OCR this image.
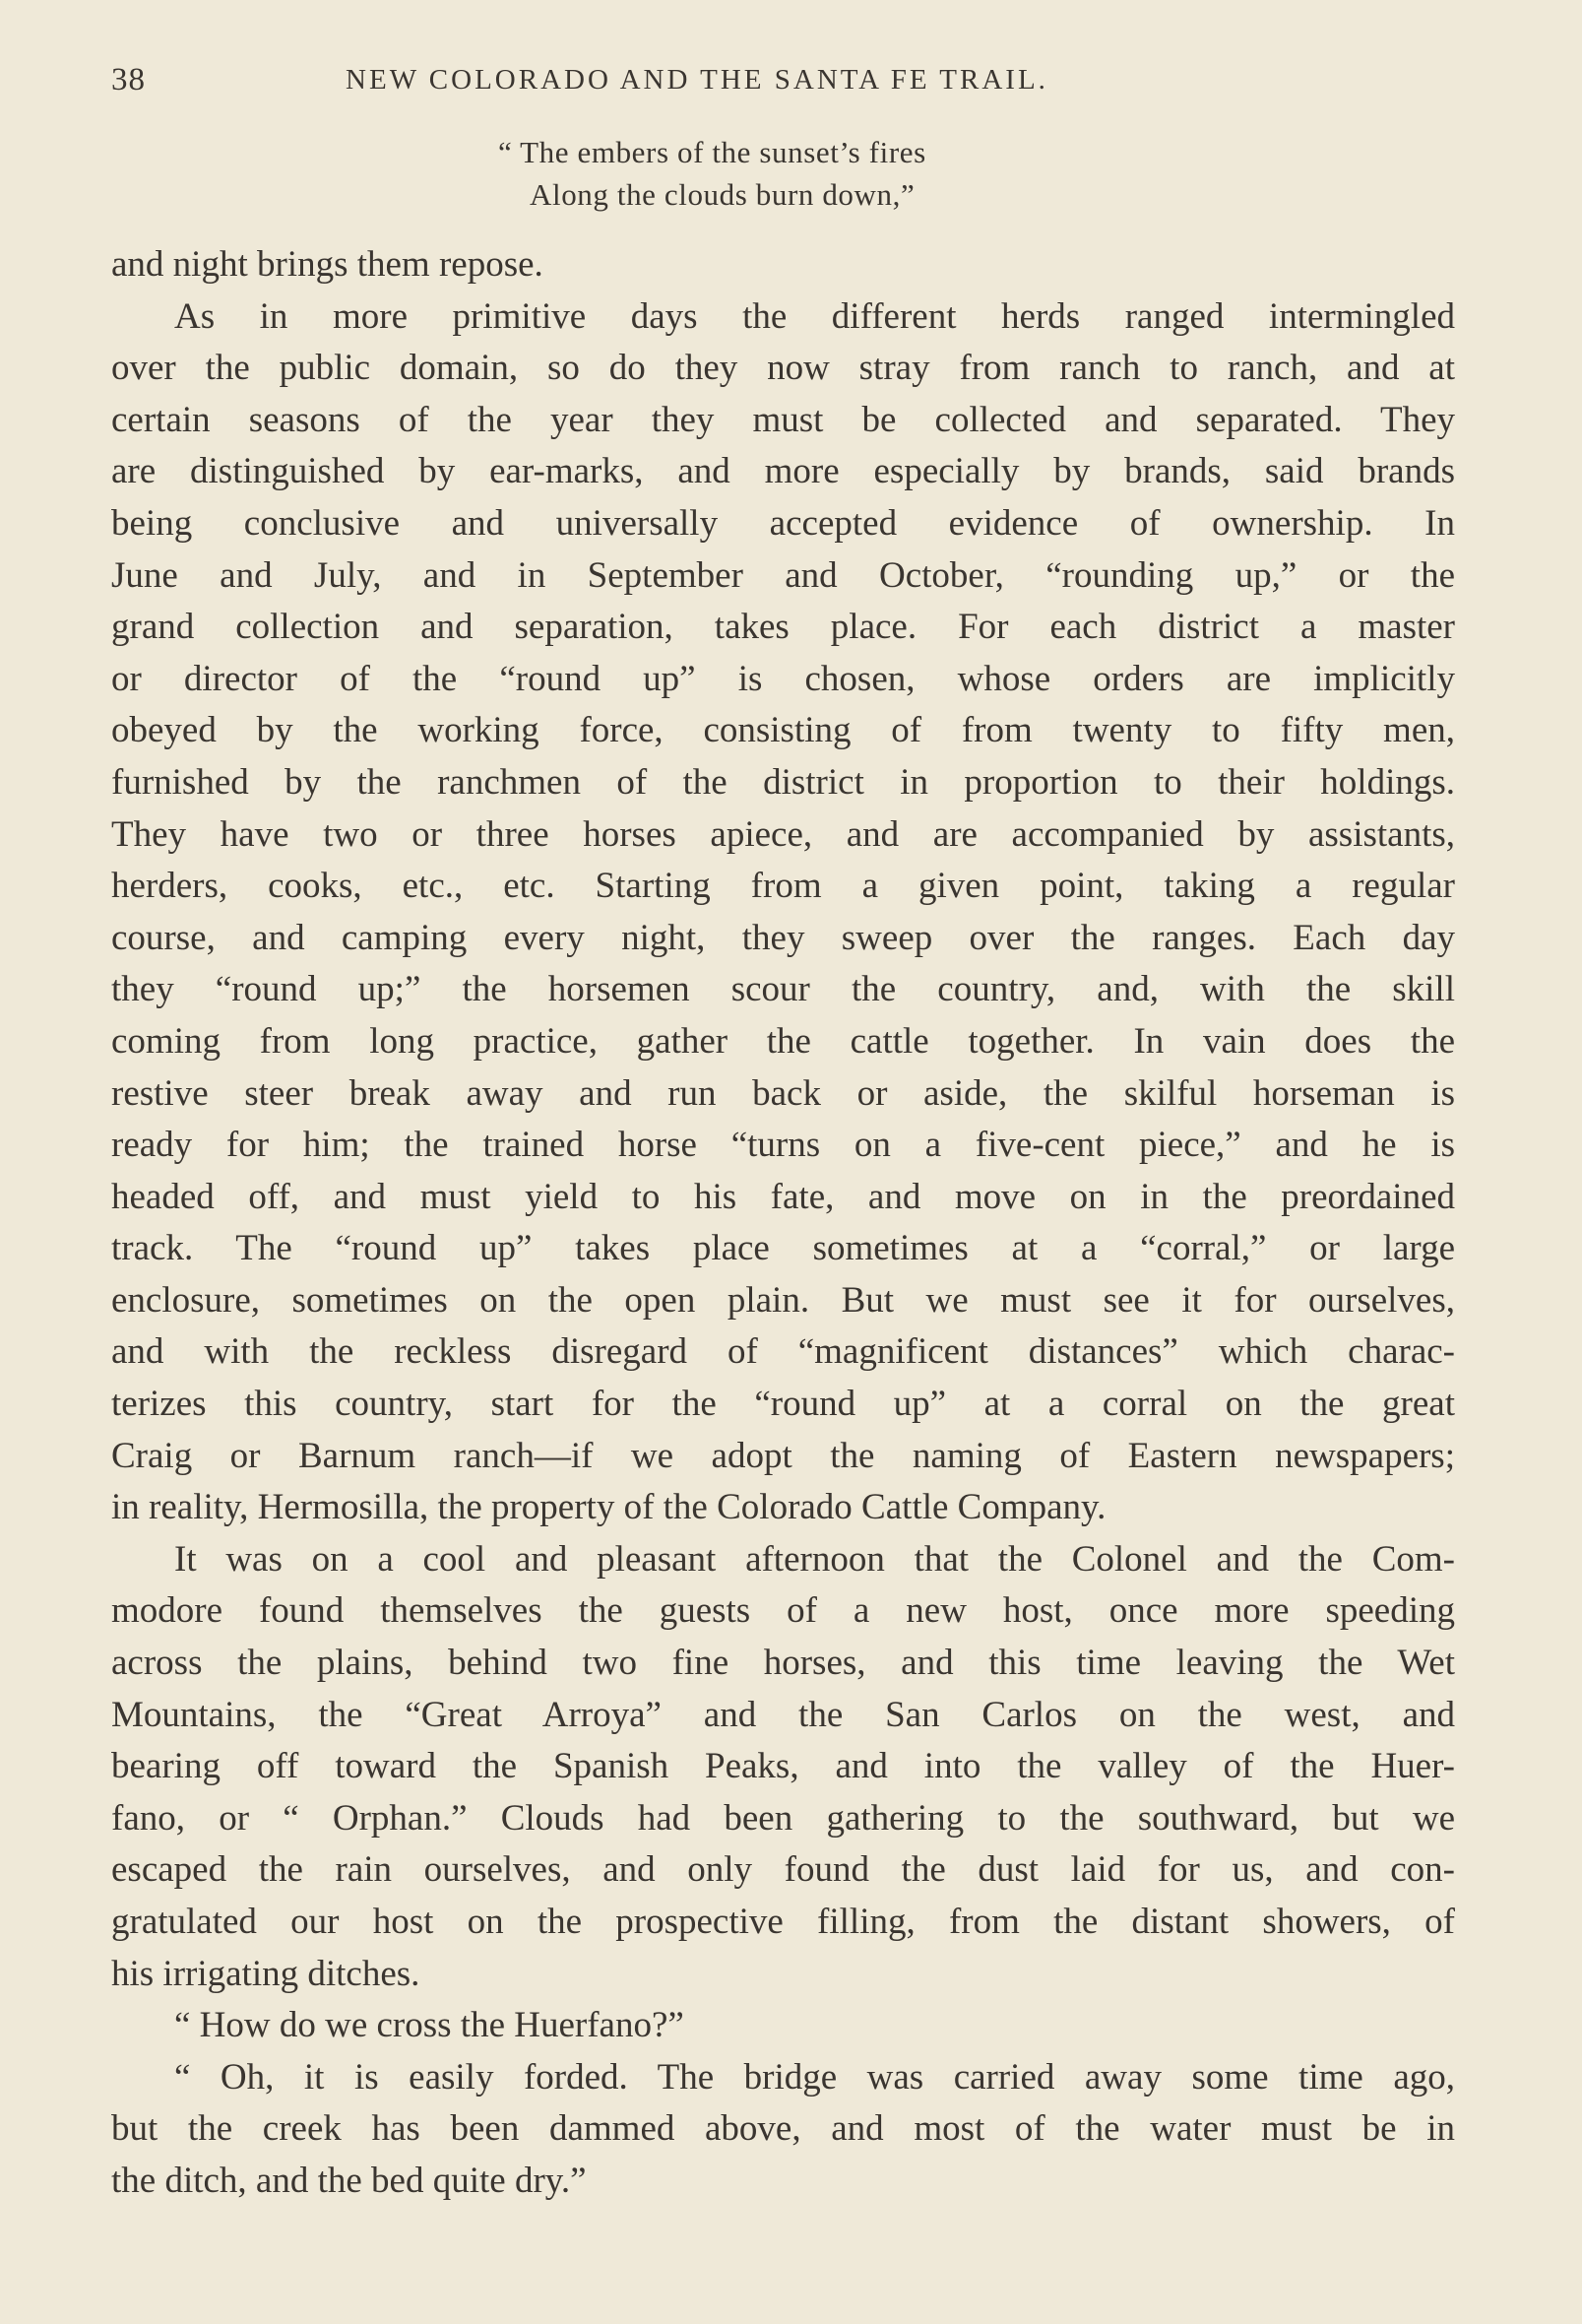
38	NEW COLORADO AND THE SANTA FE TRAIL.
“ The embers of the sunset’s fires
Along the clouds burn down,”
and night brings them repose.
As in more primitive days the different herds ranged intermingled
over the public domain, so do they now stray from ranch to ranch, and at
certain seasons of the year they must be collected and separated. They
are distinguished by ear-marks, and more especially by brands, said brands
being conclusive and universally accepted evidence of ownership. In
June and July, and in September and October, “rounding up,” or the
grand collection and separation, takes place. For each district a master
or director of the “round up” is chosen, whose orders are implicitly
obeyed by the working force, consisting of from twenty to fifty men,
furnished by the ranchmen of the district in proportion to their holdings.
They have two or three horses apiece, and are accompanied by assistants,
herders, cooks, etc., etc. Starting from a given point, taking a regular
course, and camping every night, they sweep over the ranges. Each day
they “round up;” the horsemen scour the country, and, with the skill
coming from long practice, gather the cattle together. In vain does the
restive steer break away and run back or aside, the skilful horseman is
ready for him; the trained horse “turns on a five-cent piece,” and he is
headed off, and must yield to his fate, and move on in the preordained
track. The “round up” takes place sometimes at a “corral,” or large
enclosure, sometimes on the open plain. But we must see it for ourselves,
and with the reckless disregard of “magnificent distances” which charac-
terizes this country, start for the “round up” at a corral on the great
Craig or Barnum ranch—if we adopt the naming of Eastern newspapers;
in reality, Hermosilla, the property of the Colorado Cattle Company.
It was on a cool and pleasant afternoon that the Colonel and the Com-
modore found themselves the guests of a new host, once more speeding
across the plains, behind two fine horses, and this time leaving the Wet
Mountains, the “Great Arroya” and the San Carlos on the west, and
bearing off toward the Spanish Peaks, and into the valley of the Huer-
fano, or “ Orphan.” Clouds had been gathering to the southward, but we
escaped the rain ourselves, and only found the dust laid for us, and con-
gratulated our host on the prospective filling, from the distant showers, of
his irrigating ditches.
“ How do we cross the Huerfano?”
“ Oh, it is easily forded. The bridge was carried away some time ago,
but the creek has been dammed above, and most of the water must be in
the ditch, and the bed quite dry.”
